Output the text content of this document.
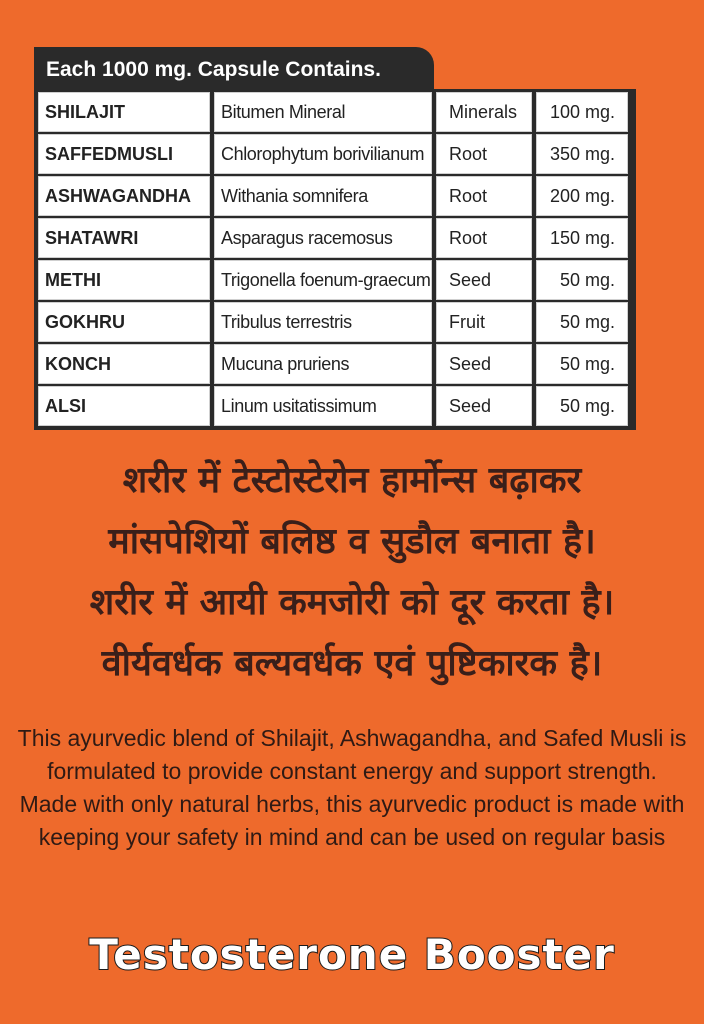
Each 1000 mg. Capsule Contains.
SHILAJIT	Bitumen Mineral	Minerals	100 mg.
SAFFEDMUSLI	Chlorophytum borivilianum	Root	350 mg.
ASHWAGANDHA	Withania somnifera	Root	200 mg.
SHATAWRI	Asparagus racemosus	Root	150 mg.
METHI	Trigonella foenum-graecum	Seed	50 mg.
GOKHRU	Tribulus terrestris	Fruit	50 mg.
KONCH	Mucuna pruriens	Seed	50 mg.
ALSI	Linum usitatissimum	Seed	50 mg.
शरीर में टेस्टोस्टेरोन हार्मोन्स बढ़ाकर
मांसपेशियों बलिष्ठ व सुडौल बनाता है।
शरीर में आयी कमजोरी को दूर करता है।
वीर्यवर्धक बल्यवर्धक एवं पुष्टिकारक है।
This ayurvedic blend of Shilajit, Ashwagandha, and Safed Musli is formulated to provide constant energy and support strength. Made with only natural herbs, this ayurvedic product is made with keeping your safety in mind and can be used on regular basis
Testosterone Booster
